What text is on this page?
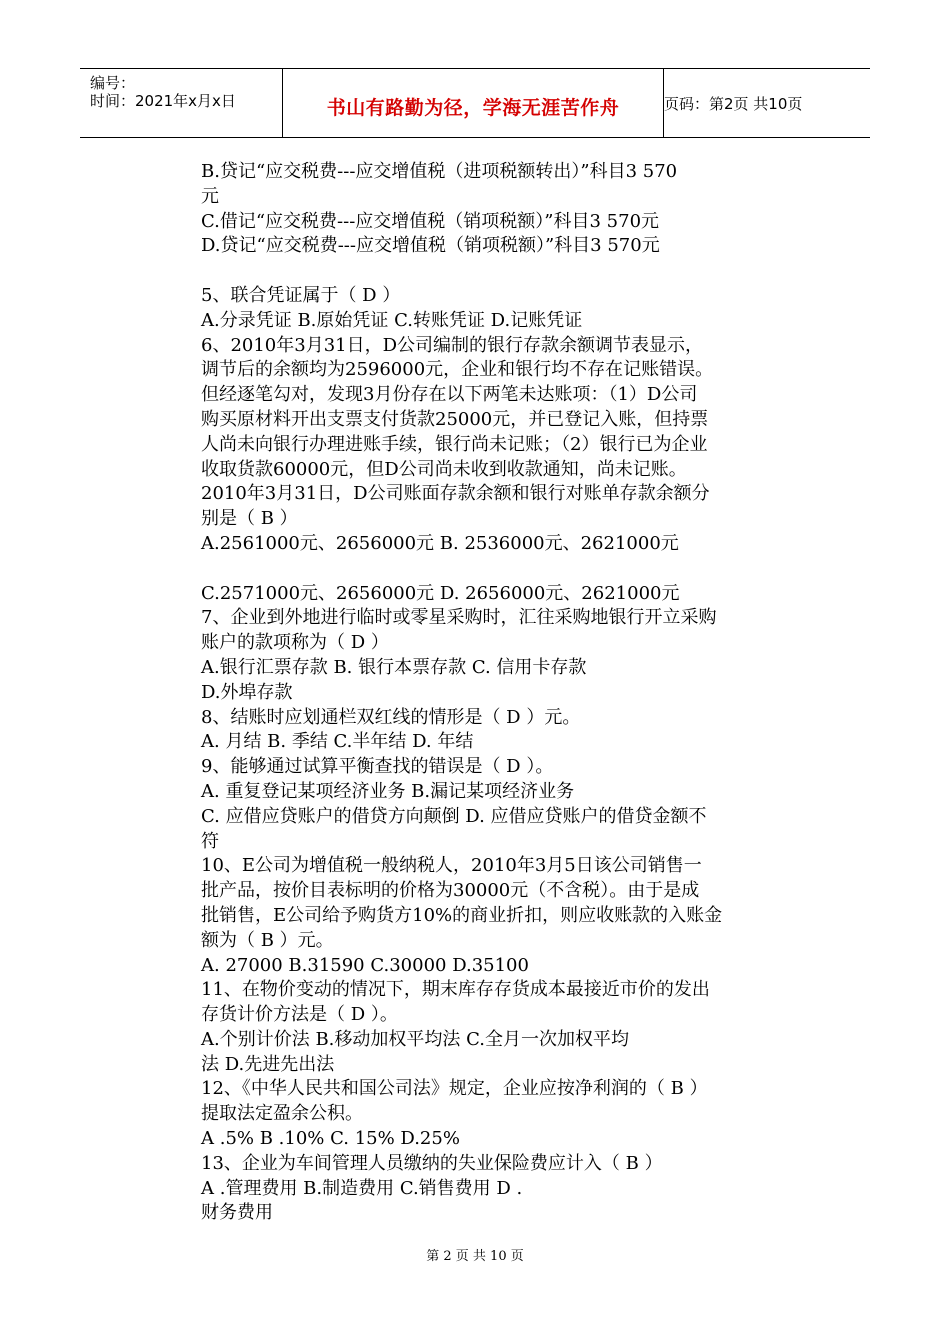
编号：
时间：2021年x月x日	书山有路勤为径，学海无涯苦作舟	页码：第2页 共10页

B.贷记“应交税费---应交增值税（进项税额转出）”科目3 570

元

C.借记“应交税费---应交增值税（销项税额）”科目3 570元

D.贷记“应交税费---应交增值税（销项税额）”科目3 570元

5、联合凭证属于（ D ）

A.分录凭证 B.原始凭证 C.转账凭证 D.记账凭证

6、2010年3月31日，D公司编制的银行存款余额调节表显示，

调节后的余额均为2596000元，企业和银行均不存在记账错误。

但经逐笔勾对，发现3月份存在以下两笔未达账项：（1）D公司

购买原材料开出支票支付货款25000元，并已登记入账，但持票

人尚未向银行办理进账手续，银行尚未记账；（2）银行已为企业

收取货款60000元，但D公司尚未收到收款通知，尚未记账。

2010年3月31日，D公司账面存款余额和银行对账单存款余额分

别是（ B ）

A.2561000元、2656000元 B. 2536000元、2621000元

C.2571000元、2656000元 D. 2656000元、2621000元

7、企业到外地进行临时或零星采购时，汇往采购地银行开立采购

账户的款项称为（ D ）

A.银行汇票存款 B. 银行本票存款 C. 信用卡存款

D.外埠存款

8、结账时应划通栏双红线的情形是（ D ）元。

A. 月结 B. 季结 C.半年结 D. 年结

9、能够通过试算平衡查找的错误是（ D ）。

A. 重复登记某项经济业务 B.漏记某项经济业务

C. 应借应贷账户的借贷方向颠倒 D. 应借应贷账户的借贷金额不

符

10、E公司为增值税一般纳税人，2010年3月5日该公司销售一

批产品，按价目表标明的价格为30000元（不含税）。由于是成

批销售，E公司给予购货方10%的商业折扣，则应收账款的入账金

额为（ B ）元。

A. 27000 B.31590 C.30000 D.35100

11、在物价变动的情况下，期末库存存货成本最接近市价的发出

存货计价方法是（ D ）。

A.个别计价法 B.移动加权平均法 C.全月一次加权平均

法 D.先进先出法

12、《中华人民共和国公司法》规定，企业应按净利润的（ B ）

提取法定盈余公积。

A .5% B .10% C. 15% D.25%

13、企业为车间管理人员缴纳的失业保险费应计入（ B ）

A .管理费用 B.制造费用 C.销售费用 D .

财务费用

第 2 页 共 10 页
